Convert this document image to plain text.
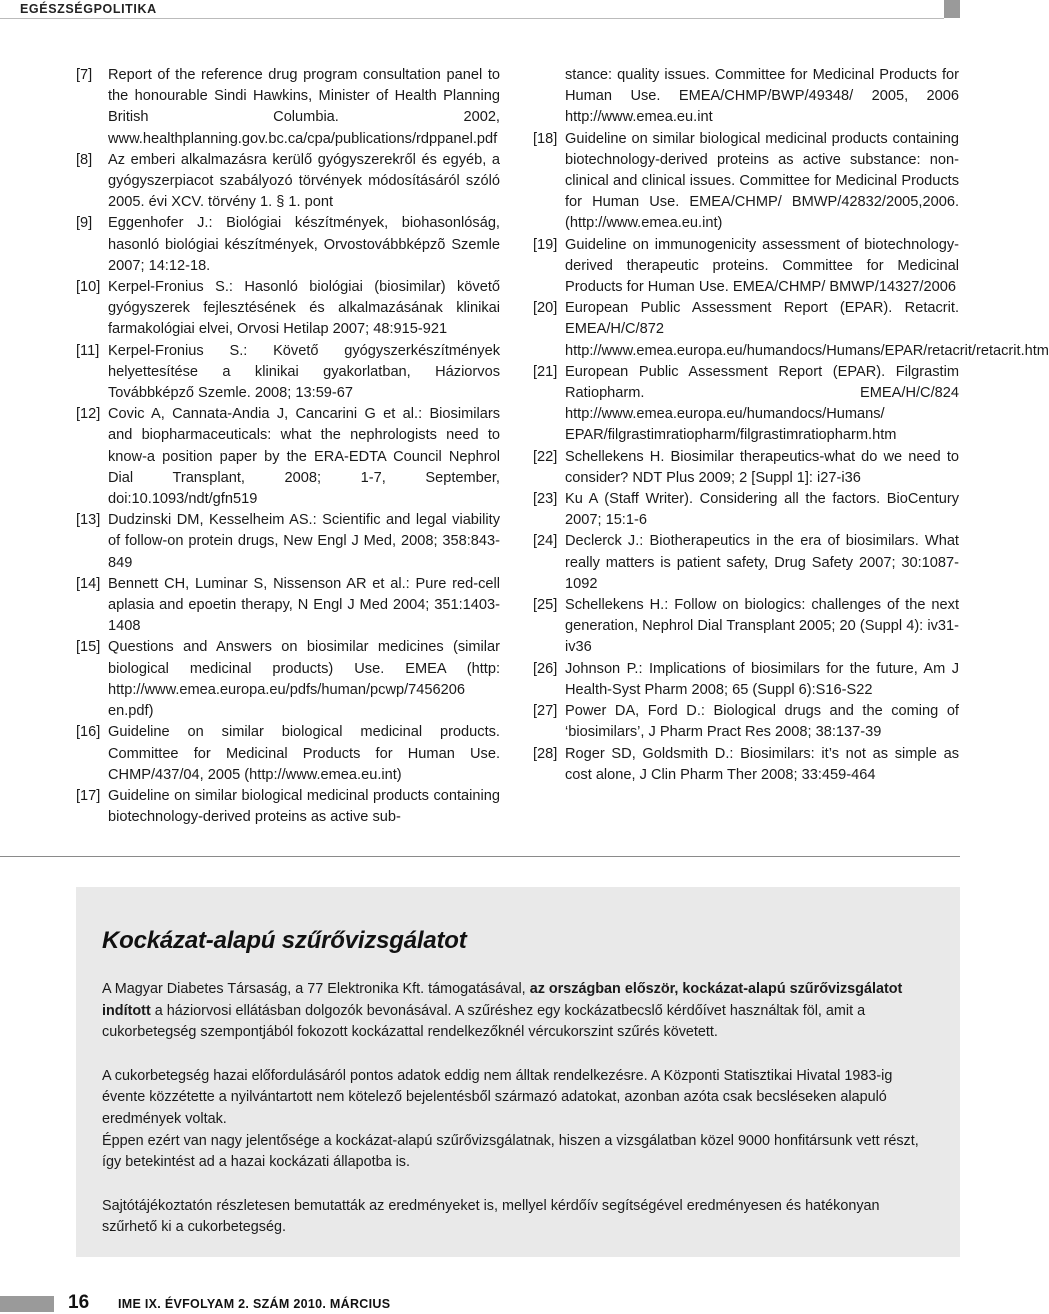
EGÉSZSÉGPOLITIKA
[7] Report of the reference drug program consultation panel to the honourable Sindi Hawkins, Minister of Health Planning British Columbia. 2002, www.healthplanning.gov.bc.ca/cpa/publications/rdppanel.pdf
[8] Az emberi alkalmazásra kerülő gyógyszerekről és egyéb, a gyógyszerpiacot szabályozó törvények módosításáról szóló 2005. évi XCV. törvény 1. § 1. pont
[9] Eggenhofer J.: Biológiai készítmények, biohasonlóság, hasonló biológiai készítmények, Orvostovábbképzõ Szemle 2007; 14:12-18.
[10] Kerpel-Fronius S.: Hasonló biológiai (biosimilar) követő gyógyszerek fejlesztésének és alkalmazásának klinikai farmakológiai elvei, Orvosi Hetilap 2007; 48:915-921
[11] Kerpel-Fronius S.: Követő gyógyszerkészítmények helyettesítése a klinikai gyakorlatban, Háziorvos Továbbképző Szemle. 2008; 13:59-67
[12] Covic A, Cannata-Andia J, Cancarini G et al.: Biosimilars and biopharmaceuticals: what the nephrologists need to know-a position paper by the ERA-EDTA Council Nephrol Dial Transplant, 2008; 1-7, September, doi:10.1093/ndt/gfn519
[13] Dudzinski DM, Kesselheim AS.: Scientific and legal viability of follow-on protein drugs, New Engl J Med, 2008; 358:843-849
[14] Bennett CH, Luminar S, Nissenson AR et al.: Pure red-cell aplasia and epoetin therapy, N Engl J Med 2004; 351:1403-1408
[15] Questions and Answers on biosimilar medicines (similar biological medicinal products) Use. EMEA (http: http://www.emea.europa.eu/pdfs/human/pcwp/7456206 en.pdf)
[16] Guideline on similar biological medicinal products. Committee for Medicinal Products for Human Use. CHMP/437/04, 2005 (http://www.emea.eu.int)
[17] Guideline on similar biological medicinal products containing biotechnology-derived proteins as active sub-
stance: quality issues. Committee for Medicinal Products for Human Use. EMEA/CHMP/BWP/49348/ 2005, 2006 http://www.emea.eu.int
[18] Guideline on similar biological medicinal products containing biotechnology-derived proteins as active substance: non-clinical and clinical issues. Committee for Medicinal Products for Human Use. EMEA/CHMP/ BMWP/42832/2005,2006. (http://www.emea.eu.int)
[19] Guideline on immunogenicity assessment of biotechnology-derived therapeutic proteins. Committee for Medicinal Products for Human Use. EMEA/CHMP/ BMWP/14327/2006
[20] European Public Assessment Report (EPAR). Retacrit. EMEA/H/C/872 http://www.emea.europa.eu/humandocs/Humans/EPAR/retacrit/retacrit.htm
[21] European Public Assessment Report (EPAR). Filgrastim Ratiopharm. EMEA/H/C/824 http://www.emea.europa.eu/humandocs/Humans/ EPAR/filgrastimratiopharm/filgrastimratiopharm.htm
[22] Schellekens H. Biosimilar therapeutics-what do we need to consider? NDT Plus 2009; 2 [Suppl 1]: i27-i36
[23] Ku A (Staff Writer). Considering all the factors. BioCentury 2007; 15:1-6
[24] Declerck J.: Biotherapeutics in the era of biosimilars. What really matters is patient safety, Drug Safety 2007; 30:1087-1092
[25] Schellekens H.: Follow on biologics: challenges of the next generation, Nephrol Dial Transplant 2005; 20 (Suppl 4): iv31-iv36
[26] Johnson P.: Implications of biosimilars for the future, Am J Health-Syst Pharm 2008; 65 (Suppl 6):S16-S22
[27] Power DA, Ford D.: Biological drugs and the coming of ‘biosimilars’, J Pharm Pract Res 2008; 38:137-39
[28] Roger SD, Goldsmith D.: Biosimilars: it’s not as simple as cost alone, J Clin Pharm Ther 2008; 33:459-464
Kockázat-alapú szűrővizsgálatot

A Magyar Diabetes Társaság, a 77 Elektronika Kft. támogatásával, az országban először, kockázat-alapú szűrővizsgálatot indított a háziorvosi ellátásban dolgozók bevonásával. A szűréshez egy kockázatbecslő kérdőívet használtak föl, amit a cukorbetegség szempontjából fokozott kockázattal rendelkezőknél vércukorszint szűrés követett.

A cukorbetegség hazai előfordulásáról pontos adatok eddig nem álltak rendelkezésre. A Központi Statisztikai Hivatal 1983-ig évente közzétette a nyilvántartott nem kötelező bejelentésből származó adatokat, azonban azóta csak becsléseken alapuló eredmények voltak.

Éppen ezért van nagy jelentősége a kockázat-alapú szűrővizsgálatnak, hiszen a vizsgálatban közel 9000 honfitársunk vett részt, így betekintést ad a hazai kockázati állapotba is.

Sajtótájékoztatón részletesen bemutatták az eredményeket is, mellyel kérdőív segítségével eredményesen és hatékonyan szűrhető ki a cukorbetegség.

16 IME IX. ÉVFOLYAM 2. SZÁM 2010. MÁRCIUS
